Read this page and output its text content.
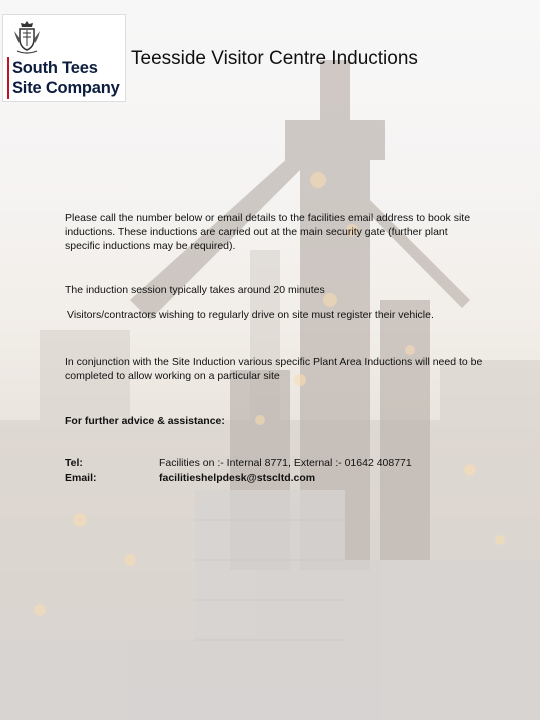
South Tees
Site Company
Teesside Visitor Centre Inductions
Please call the number below or email details to the facilities email address to book site inductions. These inductions are carried out at the main security gate (further plant specific inductions may be required).
The induction session typically takes around 20 minutes
Visitors/contractors wishing to regularly drive on site must register their vehicle.
In conjunction with the Site Induction various specific Plant Area Inductions will need to be completed to allow working on a particular site
For further advice & assistance:
Tel:	Facilities on :- Internal 8771, External :- 01642 408771
Email:	facilitieshelpdesk@stscltd.com
